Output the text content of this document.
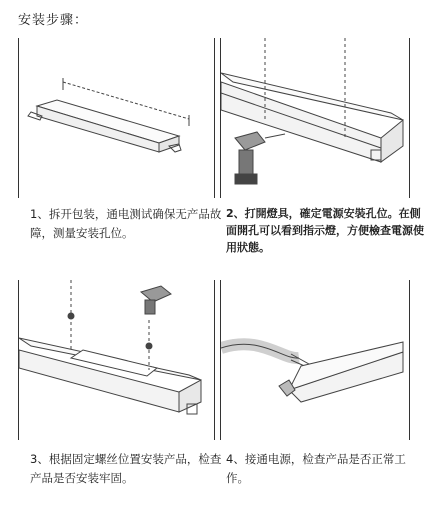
安装步骤：
1、拆开包装，通电测试确保无产品故障，测量安装孔位。
2、打開燈具，確定電源安裝孔位。在側面開孔可以看到指示燈，方便檢查電源使用狀態。
3、根据固定螺丝位置安装产品，检查产品是否安装牢固。
4、接通电源，检查产品是否正常工作。
